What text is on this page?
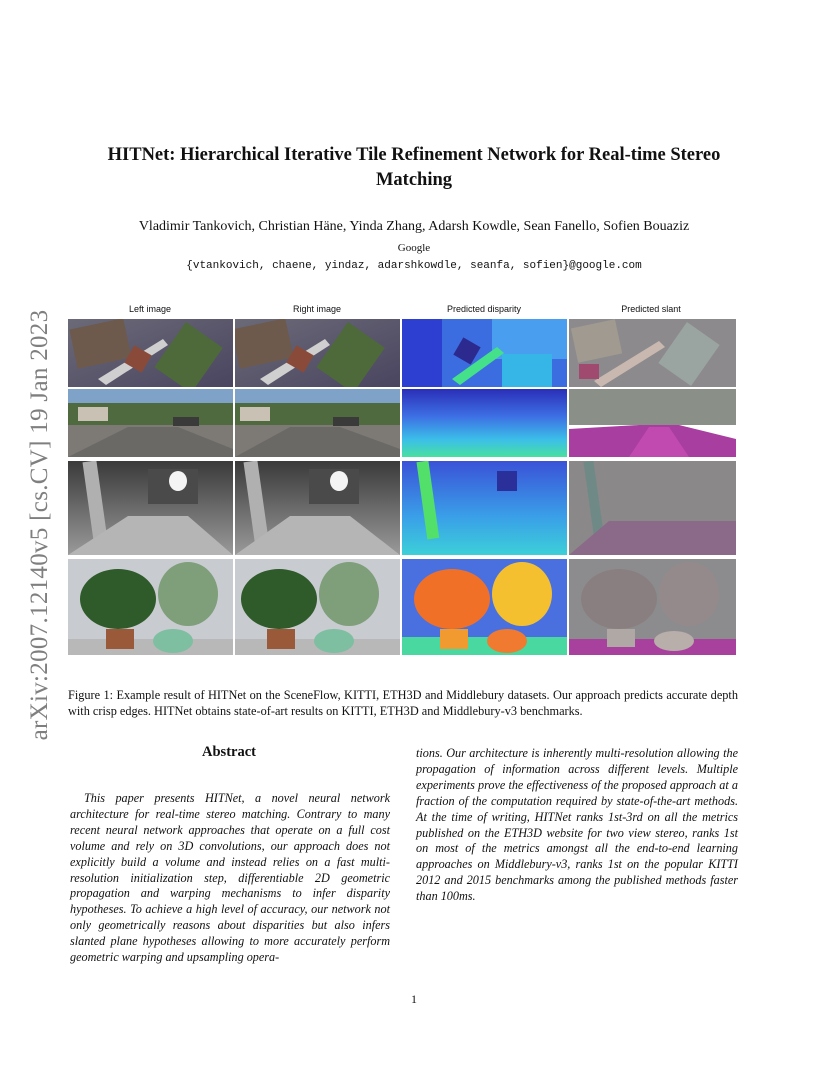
arXiv:2007.12140v5 [cs.CV] 19 Jan 2023
HITNet: Hierarchical Iterative Tile Refinement Network for Real-time Stereo Matching
Vladimir Tankovich, Christian Häne, Yinda Zhang, Adarsh Kowdle, Sean Fanello, Sofien Bouaziz
Google
{vtankovich, chaene, yindaz, adarshkowdle, seanfa, sofien}@google.com
Left image	Right image	Predicted disparity	Predicted slant
Figure 1: Example result of HITNet on the SceneFlow, KITTI, ETH3D and Middlebury datasets. Our approach predicts accurate depth with crisp edges. HITNet obtains state-of-art results on KITTI, ETH3D and Middlebury-v3 benchmarks.
Abstract
This paper presents HITNet, a novel neural network architecture for real-time stereo matching. Contrary to many recent neural network approaches that operate on a full cost volume and rely on 3D convolutions, our approach does not explicitly build a volume and instead relies on a fast multi-resolution initialization step, differentiable 2D geometric propagation and warping mechanisms to infer disparity hypotheses. To achieve a high level of accuracy, our network not only geometrically reasons about disparities but also infers slanted plane hypotheses allowing to more accurately perform geometric warping and upsampling opera-
tions. Our architecture is inherently multi-resolution allowing the propagation of information across different levels. Multiple experiments prove the effectiveness of the proposed approach at a fraction of the computation required by state-of-the-art methods. At the time of writing, HITNet ranks 1st-3rd on all the metrics published on the ETH3D website for two view stereo, ranks 1st on most of the metrics amongst all the end-to-end learning approaches on Middlebury-v3, ranks 1st on the popular KITTI 2012 and 2015 benchmarks among the published methods faster than 100ms.
1
